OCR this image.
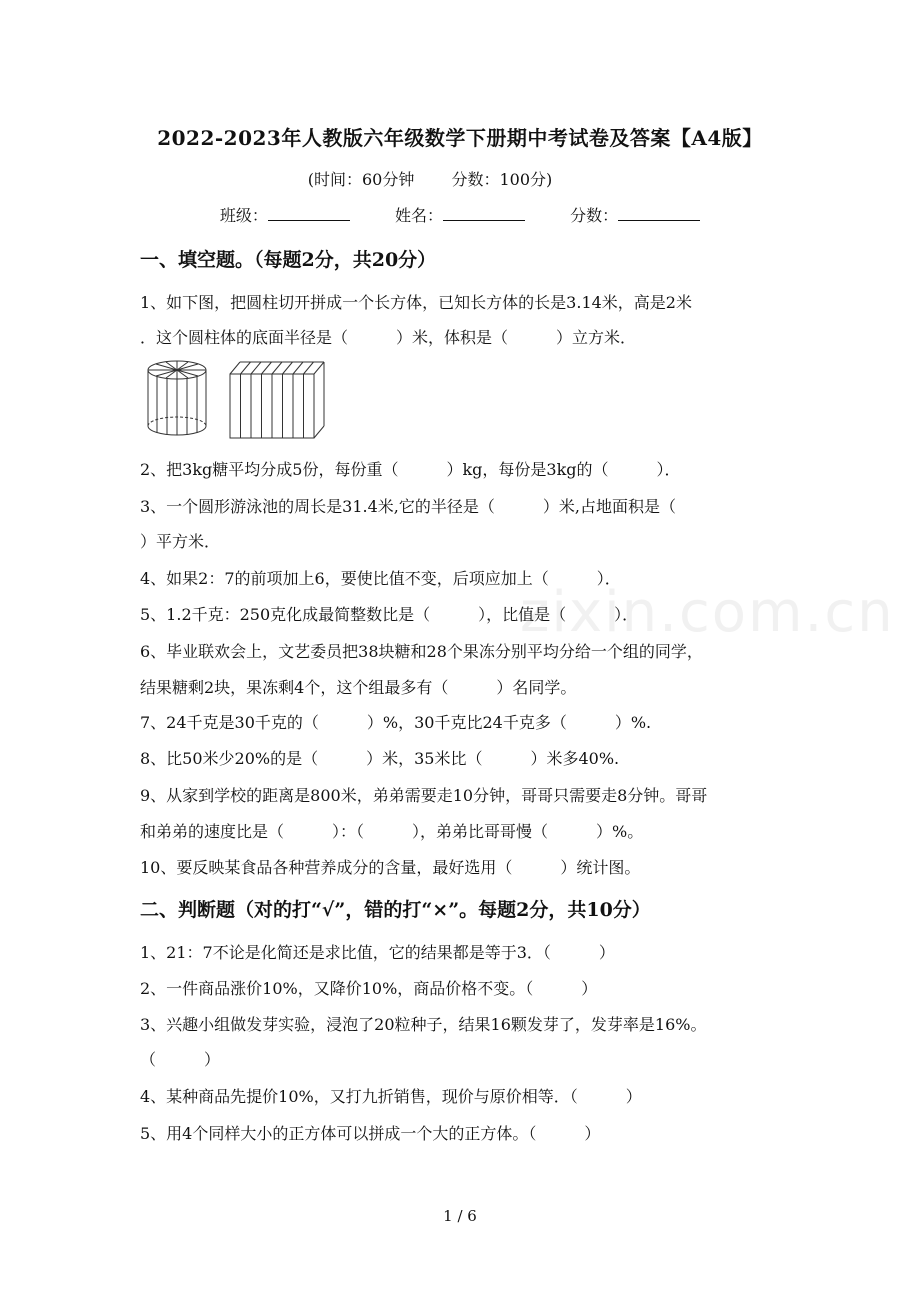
zixin.com.cn
2022-2023年人教版六年级数学下册期中考试卷及答案【A4版】
(时间：60分钟 分数：100分)
班级：	姓名：	分数：
一、填空题。（每题2分，共20分）
1、如下图，把圆柱切开拼成一个长方体，已知长方体的长是3.14米，高是2米
．这个圆柱体的底面半径是（　　　）米，体积是（　　　）立方米．
2、把3kg糖平均分成5份，每份重（　　　）kg，每份是3kg的（　　　）．
3、一个圆形游泳池的周长是31.4米,它的半径是（　　　）米,占地面积是（
）平方米．
4、如果2：7的前项加上6，要使比值不变，后项应加上（　　　）．
5、1.2千克：250克化成最简整数比是（　　　），比值是（　　　）．
6、毕业联欢会上，文艺委员把38块糖和28个果冻分别平均分给一个组的同学，
结果糖剩2块，果冻剩4个，这个组最多有（　　　）名同学。
7、24千克是30千克的（　　　）%，30千克比24千克多（　　　）%.
8、比50米少20%的是（　　　）米，35米比（　　　）米多40%.
9、从家到学校的距离是800米，弟弟需要走10分钟，哥哥只需要走8分钟。哥哥
和弟弟的速度比是（　　　）：（　　　），弟弟比哥哥慢（　　　）%。
10、要反映某食品各种营养成分的含量，最好选用（　　　）统计图。
二、判断题（对的打“√”，错的打“×”。每题2分，共10分）
1、21：7不论是化简还是求比值，它的结果都是等于3．（　　　）
2、一件商品涨价10%，又降价10%，商品价格不变。（　　　）
3、兴趣小组做发芽实验，浸泡了20粒种子，结果16颗发芽了，发芽率是16%。
（　　　）
4、某种商品先提价10%，又打九折销售，现价与原价相等．（　　　）
5、用4个同样大小的正方体可以拼成一个大的正方体。（　　　）
1 / 6
